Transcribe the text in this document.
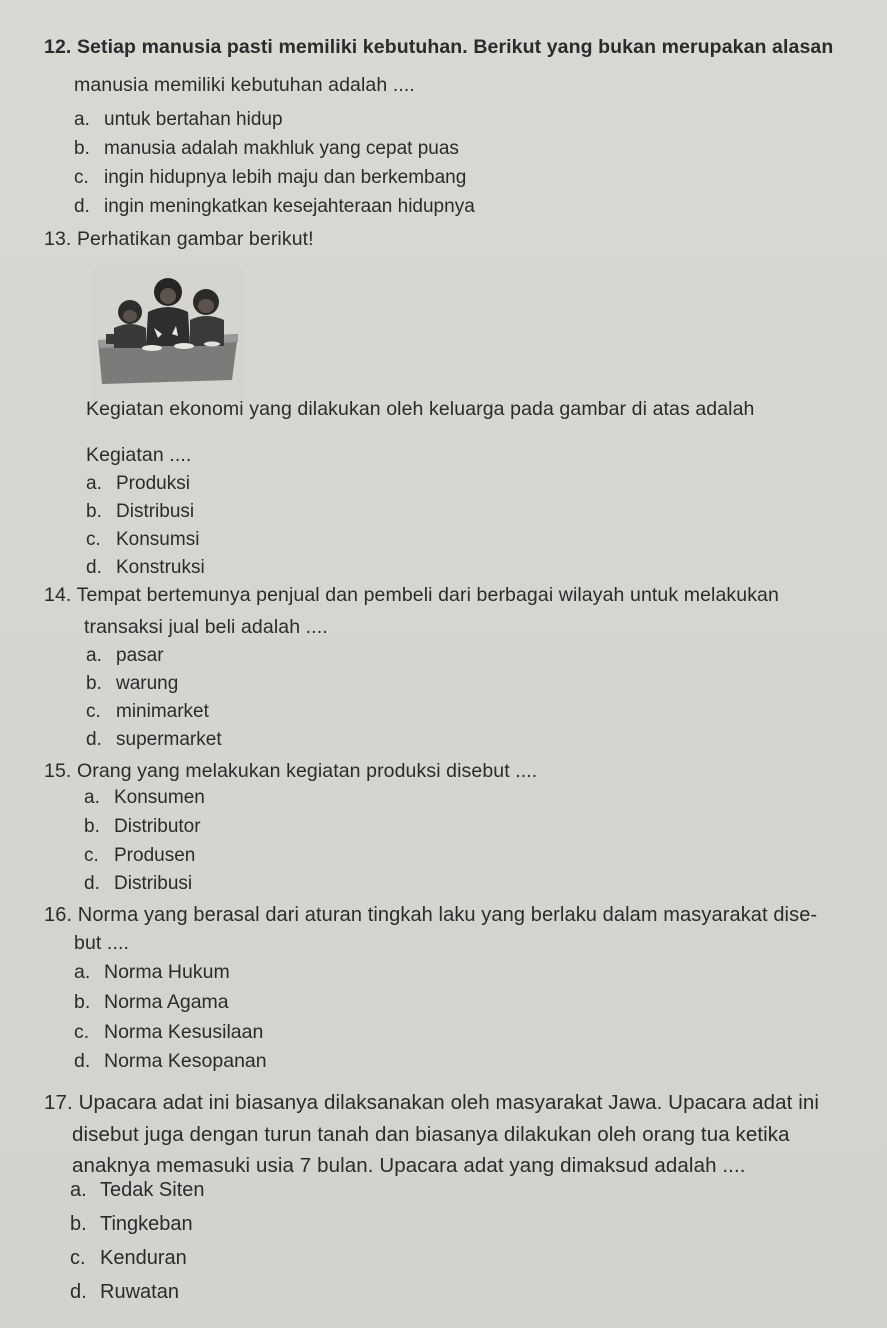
12. Setiap manusia pasti memiliki kebutuhan. Berikut yang bukan merupakan alasan
manusia memiliki kebutuhan adalah ....
a. untuk bertahan hidup
b. manusia adalah makhluk yang cepat puas
c. ingin hidupnya lebih maju dan berkembang
d. ingin meningkatkan kesejahteraan hidupnya
13. Perhatikan gambar berikut!
Kegiatan ekonomi yang dilakukan oleh keluarga pada gambar di atas adalah
Kegiatan ....
a. Produksi
b. Distribusi
c. Konsumsi
d. Konstruksi
14. Tempat bertemunya penjual dan pembeli dari berbagai wilayah untuk melakukan
transaksi jual beli adalah ....
a. pasar
b. warung
c. minimarket
d. supermarket
15. Orang yang melakukan kegiatan produksi disebut ....
a. Konsumen
b. Distributor
c. Produsen
d. Distribusi
16. Norma yang berasal dari aturan tingkah laku yang berlaku dalam masyarakat dise-
but ....
a. Norma Hukum
b. Norma Agama
c. Norma Kesusilaan
d. Norma Kesopanan
17. Upacara adat ini biasanya dilaksanakan oleh masyarakat Jawa. Upacara adat ini
disebut juga dengan turun tanah dan biasanya dilakukan oleh orang tua ketika
anaknya memasuki usia 7 bulan. Upacara adat yang dimaksud adalah ....
a. Tedak Siten
b. Tingkeban
c. Kenduran
d. Ruwatan
